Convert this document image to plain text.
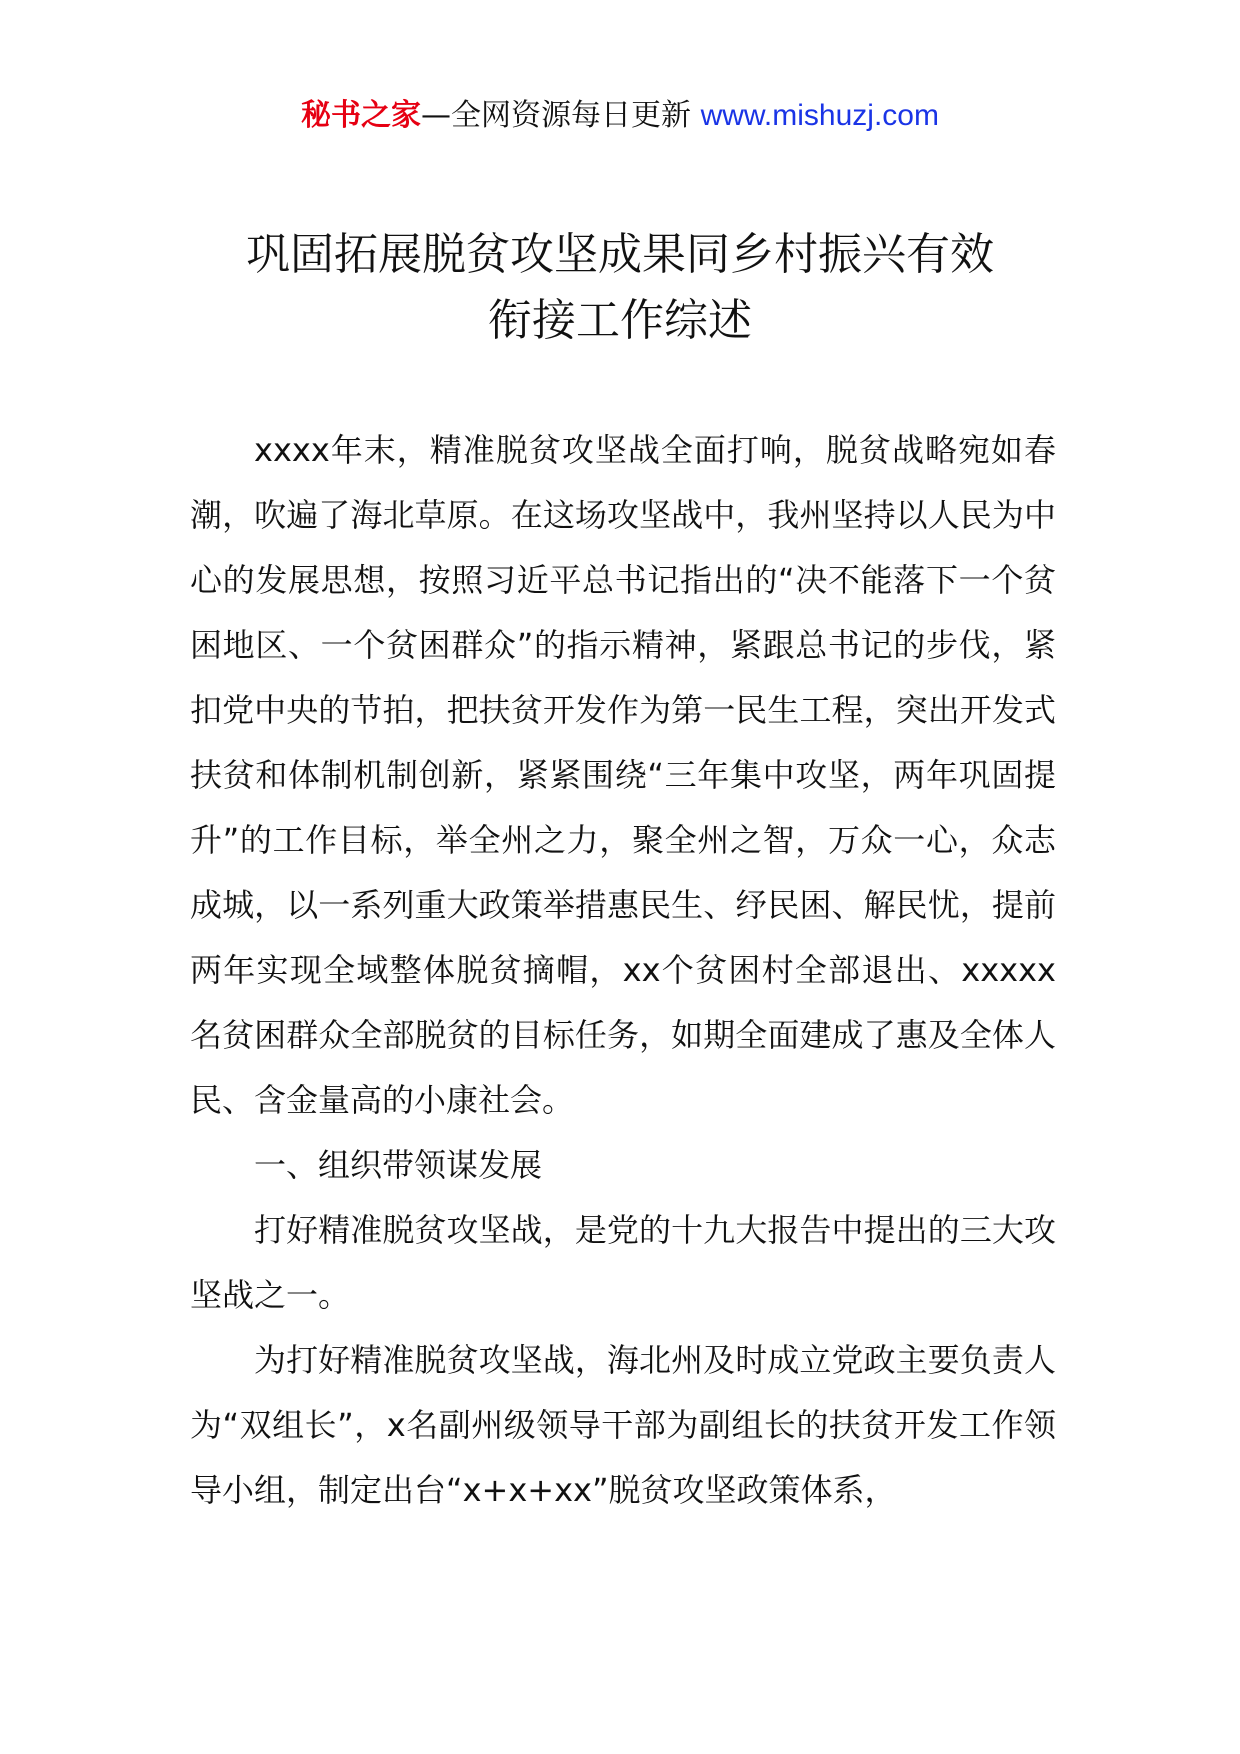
秘书之家—全网资源每日更新 www.mishuzj.com
巩固拓展脱贫攻坚成果同乡村振兴有效
衔接工作综述

xxxx年末，精准脱贫攻坚战全面打响，脱贫战略宛如春潮，吹遍了海北草原。在这场攻坚战中，我州坚持以人民为中心的发展思想，按照习近平总书记指出的“决不能落下一个贫困地区、一个贫困群众”的指示精神，紧跟总书记的步伐，紧扣党中央的节拍，把扶贫开发作为第一民生工程，突出开发式扶贫和体制机制创新，紧紧围绕“三年集中攻坚，两年巩固提升”的工作目标，举全州之力，聚全州之智，万众一心，众志成城，以一系列重大政策举措惠民生、纾民困、解民忧，提前两年实现全域整体脱贫摘帽，xx个贫困村全部退出、xxxxx名贫困群众全部脱贫的目标任务，如期全面建成了惠及全体人民、含金量高的小康社会。

一、组织带领谋发展

打好精准脱贫攻坚战，是党的十九大报告中提出的三大攻坚战之一。

为打好精准脱贫攻坚战，海北州及时成立党政主要负责人为“双组长”，x名副州级领导干部为副组长的扶贫开发工作领导小组，制定出台“x+x+xx”脱贫攻坚政策体系，
